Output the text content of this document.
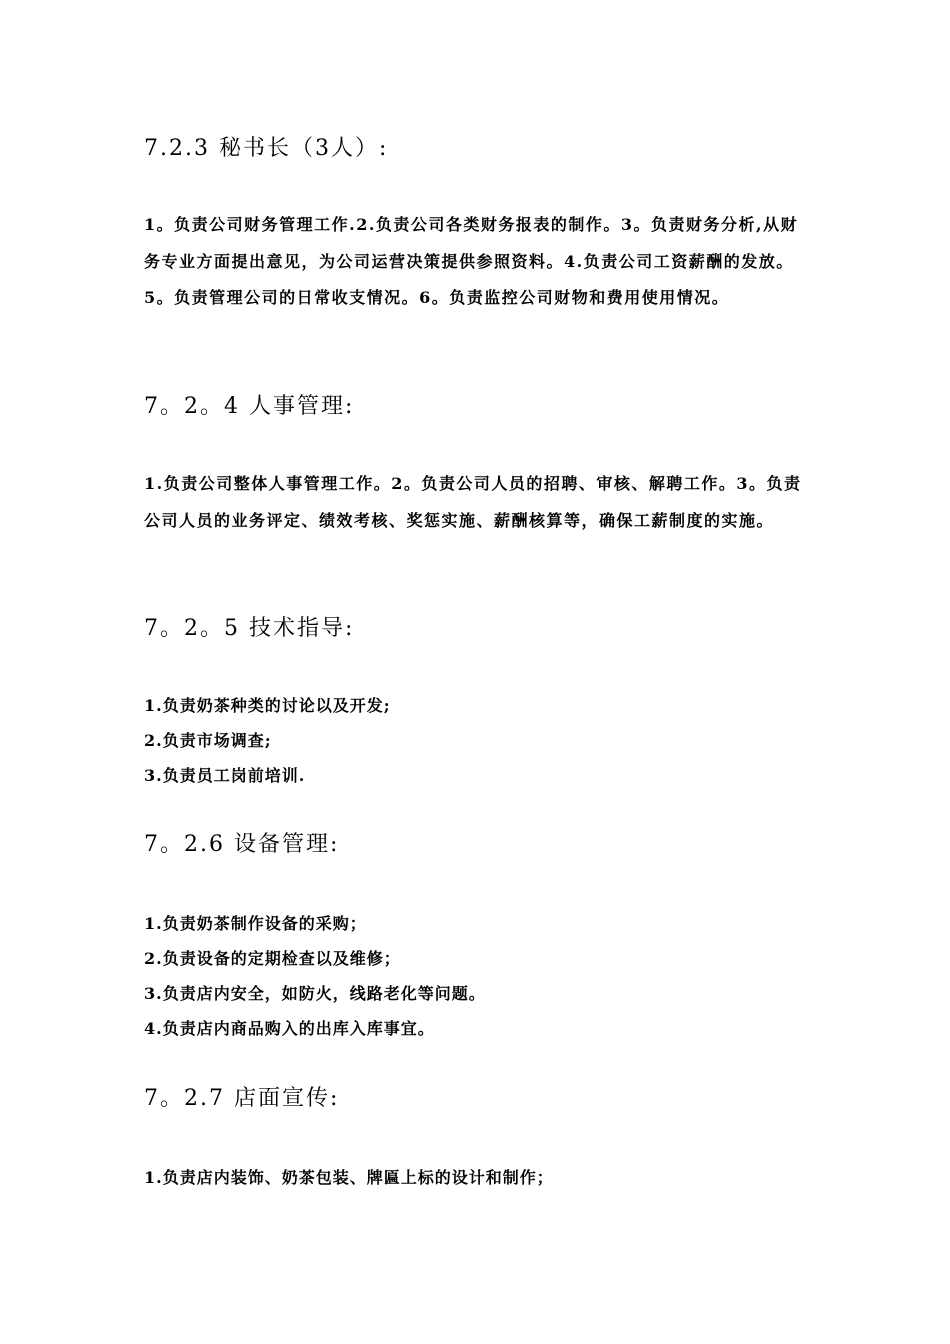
7.2.3 秘书长（3人）:

1。负责公司财务管理工作.2.负责公司各类财务报表的制作。3。负责财务分析,从财务专业方面提出意见，为公司运营决策提供参照资料。4.负责公司工资薪酬的发放。5。负责管理公司的日常收支情况。6。负责监控公司财物和费用使用情况。

7。2。4 人事管理:

1.负责公司整体人事管理工作。2。负责公司人员的招聘、审核、解聘工作。3。负责公司人员的业务评定、绩效考核、奖惩实施、薪酬核算等，确保工薪制度的实施。

7。2。5 技术指导:
1.负责奶茶种类的讨论以及开发;
2.负责市场调查;
3.负责员工岗前培训.
7。2.6 设备管理:
1.负责奶茶制作设备的采购；
2.负责设备的定期检查以及维修；
3.负责店内安全，如防火，线路老化等问题。
4.负责店内商品购入的出库入库事宜。
7。2.7 店面宣传:
1.负责店内装饰、奶茶包装、牌匾上标的设计和制作；
